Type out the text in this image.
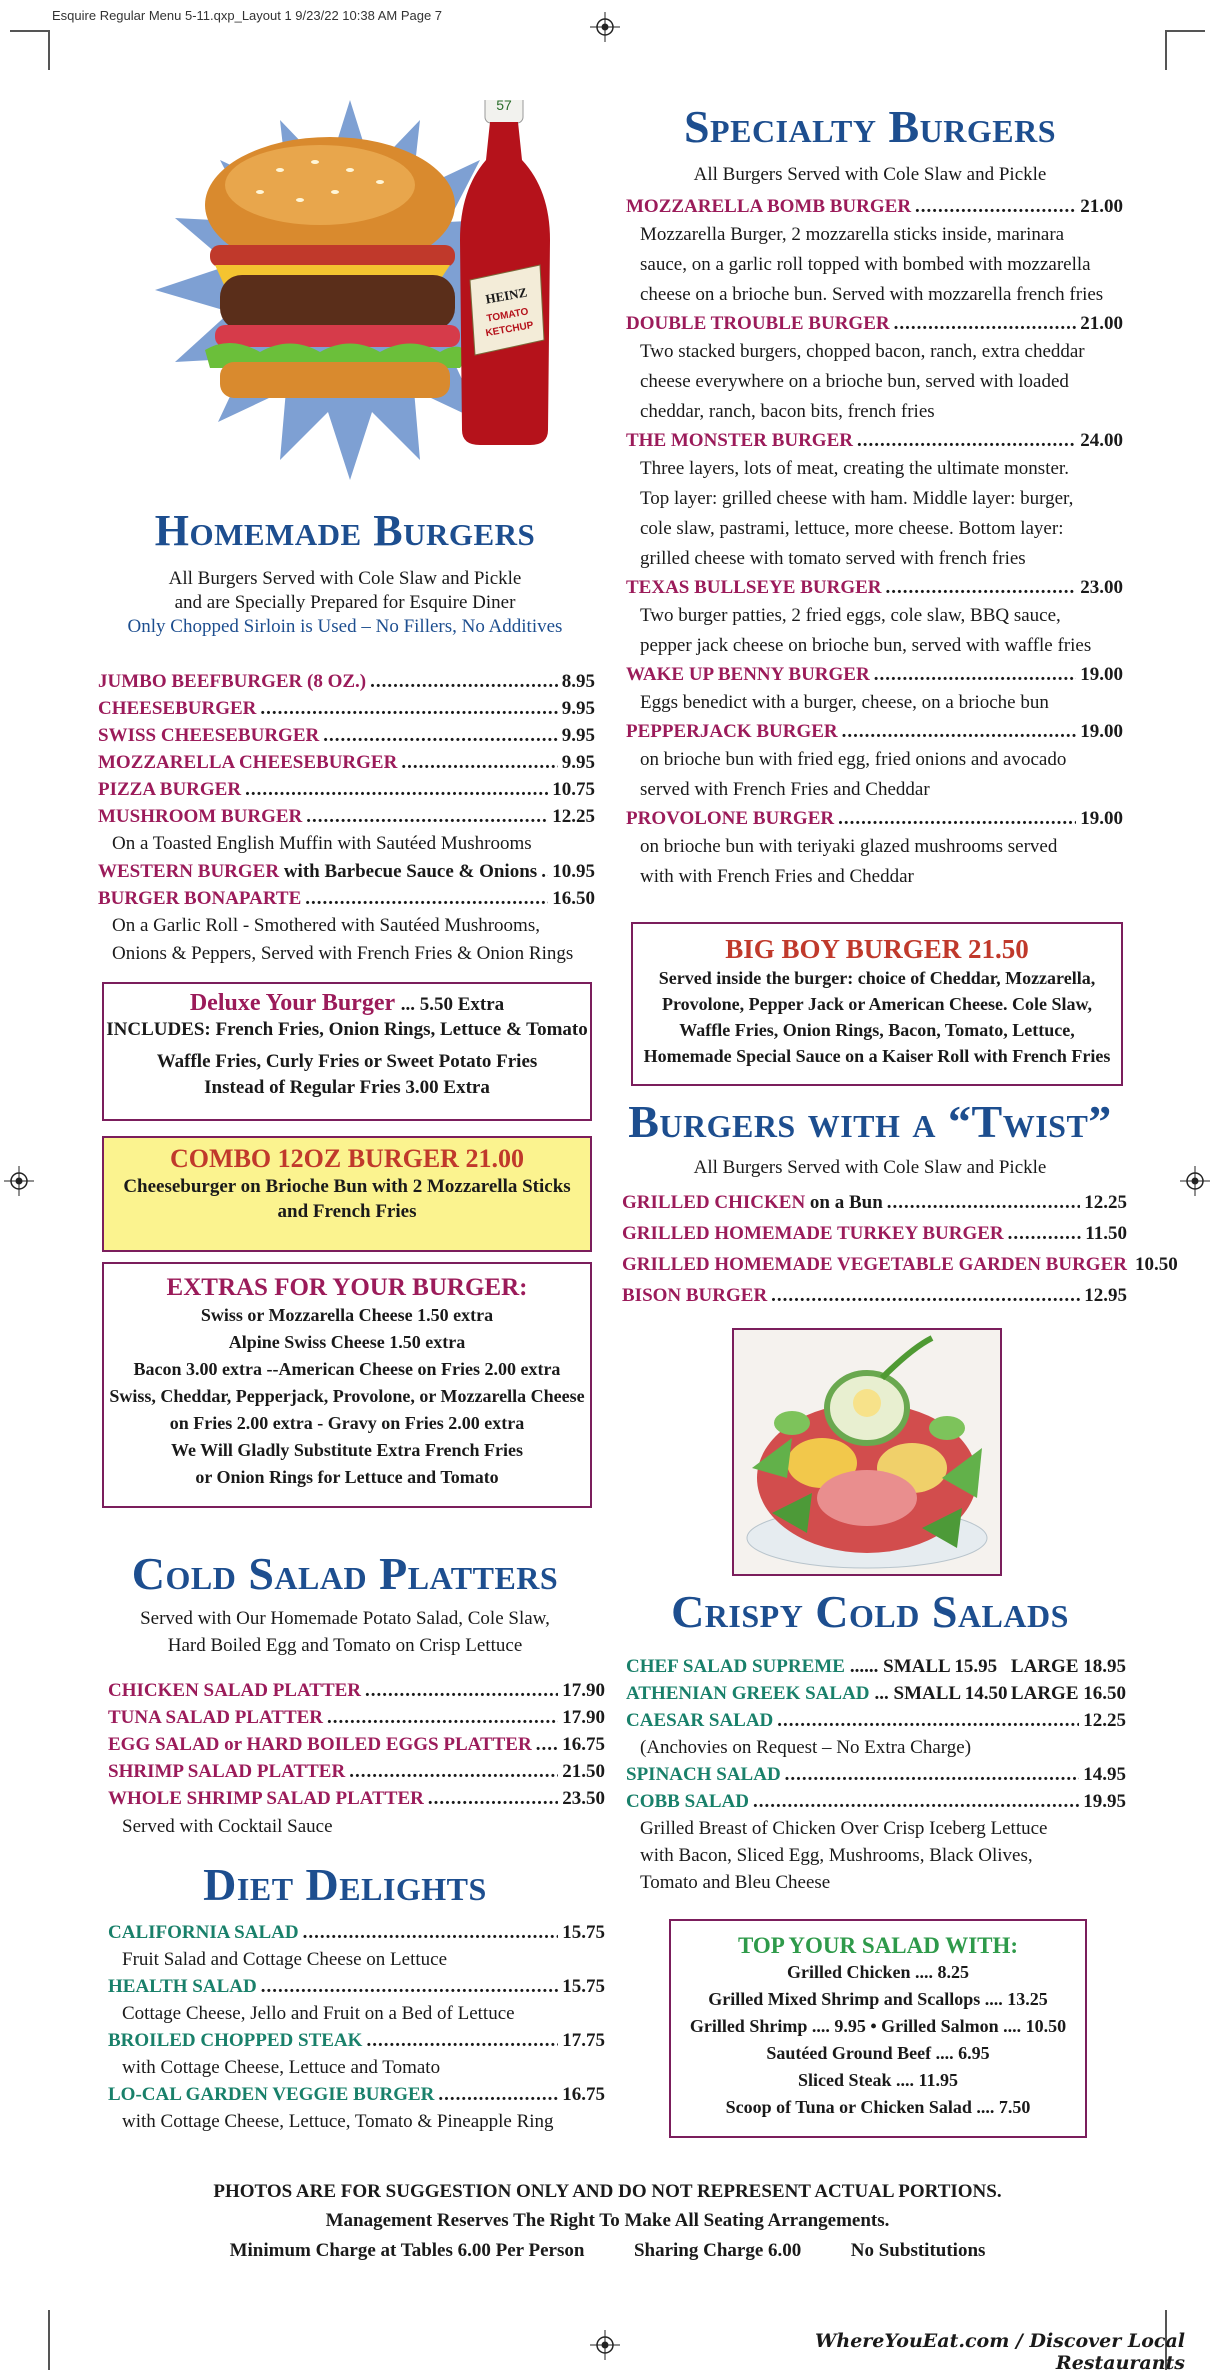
Esquire Regular Menu 5-11.qxp_Layout 1 9/23/22 10:38 AM Page 7
57
HEINZ
TOMATO
KETCHUP
Homemade Burgers
All Burgers Served with Cole Slaw and Pickle
and are Specially Prepared for Esquire Diner
Only Chopped Sirloin is Used – No Fillers, No Additives
JUMBO BEEFBURGER (8 OZ.) .....	8.95
CHEESEBURGER .....	9.95
SWISS CHEESEBURGER .....	9.95
MOZZARELLA CHEESEBURGER .....	9.95
PIZZA BURGER .....	10.75
MUSHROOM BURGER .....	12.25
On a Toasted English Muffin with Sautéed Mushrooms
WESTERN BURGER with Barbecue Sauce & Onions ..... 10.95
BURGER BONAPARTE .....	16.50
On a Garlic Roll - Smothered with Sautéed Mushrooms,
Onions & Peppers, Served with French Fries & Onion Rings
Deluxe Your Burger ... 5.50 Extra
INCLUDES: French Fries, Onion Rings, Lettuce & Tomato
Waffle Fries, Curly Fries or Sweet Potato Fries
Instead of Regular Fries 3.00 Extra
COMBO 12OZ BURGER 21.00
Cheeseburger on Brioche Bun with 2 Mozzarella Sticks
and French Fries
EXTRAS FOR YOUR BURGER:
Swiss or Mozzarella Cheese 1.50 extra
Alpine Swiss Cheese 1.50 extra
Bacon 3.00 extra --American Cheese on Fries 2.00 extra
Swiss, Cheddar, Pepperjack, Provolone, or Mozzarella Cheese
on Fries 2.00 extra - Gravy on Fries 2.00 extra
We Will Gladly Substitute Extra French Fries
or Onion Rings for Lettuce and Tomato
Cold Salad Platters
Served with Our Homemade Potato Salad, Cole Slaw,
Hard Boiled Egg and Tomato on Crisp Lettuce
CHICKEN SALAD PLATTER .....	17.90
TUNA SALAD PLATTER .....	17.90
EGG SALAD or HARD BOILED EGGS PLATTER ..... 16.75
SHRIMP SALAD PLATTER .....	21.50
WHOLE SHRIMP SALAD PLATTER .....	23.50
Served with Cocktail Sauce
Diet Delights
CALIFORNIA SALAD .....	15.75
Fruit Salad and Cottage Cheese on Lettuce
HEALTH SALAD .....	15.75
Cottage Cheese, Jello and Fruit on a Bed of Lettuce
BROILED CHOPPED STEAK .....	17.75
with Cottage Cheese, Lettuce and Tomato
LO-CAL GARDEN VEGGIE BURGER .....	16.75
with Cottage Cheese, Lettuce, Tomato & Pineapple Ring
Specialty Burgers
All Burgers Served with Cole Slaw and Pickle
MOZZARELLA BOMB BURGER .....	21.00
Mozzarella Burger, 2 mozzarella sticks inside, marinara
sauce, on a garlic roll topped with bombed with mozzarella
cheese on a brioche bun. Served with mozzarella french fries
DOUBLE TROUBLE BURGER .....	21.00
Two stacked burgers, chopped bacon, ranch, extra cheddar
cheese everywhere on a brioche bun, served with loaded
cheddar, ranch, bacon bits, french fries
THE MONSTER BURGER .....	24.00
Three layers, lots of meat, creating the ultimate monster.
Top layer: grilled cheese with ham. Middle layer: burger,
cole slaw, pastrami, lettuce, more cheese. Bottom layer:
grilled cheese with tomato served with french fries
TEXAS BULLSEYE BURGER .....	23.00
Two burger patties, 2 fried eggs, cole slaw, BBQ sauce,
pepper jack cheese on brioche bun, served with waffle fries
WAKE UP BENNY BURGER .....	19.00
Eggs benedict with a burger, cheese, on a brioche bun
PEPPERJACK BURGER .....	19.00
on brioche bun with fried egg, fried onions and avocado
served with French Fries and Cheddar
PROVOLONE BURGER .....	19.00
on brioche bun with teriyaki glazed mushrooms served
with with French Fries and Cheddar
BIG BOY BURGER 21.50
Served inside the burger: choice of Cheddar, Mozzarella,
Provolone, Pepper Jack or American Cheese. Cole Slaw,
Waffle Fries, Onion Rings, Bacon, Tomato, Lettuce,
Homemade Special Sauce on a Kaiser Roll with French Fries
Burgers with a “Twist”
All Burgers Served with Cole Slaw and Pickle
GRILLED CHICKEN on a Bun .....	12.25
GRILLED HOMEMADE TURKEY BURGER .....	11.50
GRILLED HOMEMADE VEGETABLE GARDEN BURGER 10.50
BISON BURGER .....	12.95
Crispy Cold Salads
CHEF SALAD SUPREME ...... SMALL 15.95 LARGE 18.95
ATHENIAN GREEK SALAD ... SMALL 14.50 LARGE 16.50
CAESAR SALAD .....	12.25
(Anchovies on Request – No Extra Charge)
SPINACH SALAD .....	14.95
COBB SALAD .....	19.95
Grilled Breast of Chicken Over Crisp Iceberg Lettuce
with Bacon, Sliced Egg, Mushrooms, Black Olives,
Tomato and Bleu Cheese
TOP YOUR SALAD WITH:
Grilled Chicken .... 8.25
Grilled Mixed Shrimp and Scallops .... 13.25
Grilled Shrimp .... 9.95 • Grilled Salmon .... 10.50
Sautéed Ground Beef .... 6.95
Sliced Steak .... 11.95
Scoop of Tuna or Chicken Salad .... 7.50
PHOTOS ARE FOR SUGGESTION ONLY AND DO NOT REPRESENT ACTUAL PORTIONS.
Management Reserves The Right To Make All Seating Arrangements.
Minimum Charge at Tables 6.00 Per Person	Sharing Charge 6.00	No Substitutions
WhereYouEat.com / Discover Local Restaurants
